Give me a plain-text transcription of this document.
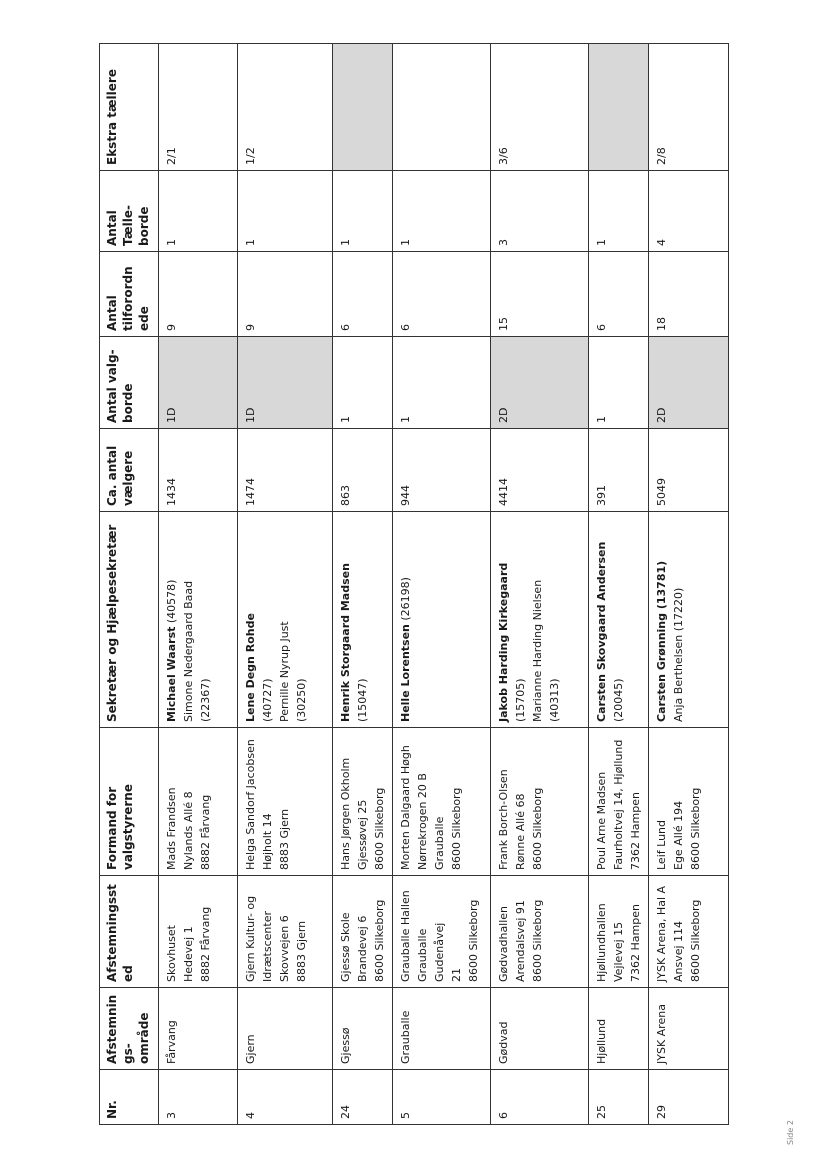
Nr.	Afstemnings-område	Afstemningssted	Formand for valgstyrerne	Sekretær og Hjælpesekretær	Ca. antal vælgere	Antal valg-borde	Antal tilforordn ede	Antal Tælle-borde	Ekstra tællere
3	Fårvang	Skovhuset Hedevej 1 8882 Fårvang	Mads Frandsen Nylands Allé 8 8882 Fårvang	Michael Waarst (40578) Simone Nedergaard Baad (22367)	1434	1D	9	1	2/1
4	Gjern	Gjern Kultur- og Idrætscenter Skovvejen 6 8883 Gjern	Helga Sandorf Jacobsen Højholt 14 8883 Gjern	Lene Degn Rohde (40727) Pernille Nyrup Just (30250)	1474	1D	9	1	1/2
24	Gjessø	Gjessø Skole Brandevej 6 8600 Silkeborg	Hans Jørgen Okholm Gjessøvej 25 8600 Silkeborg	Henrik Storgaard Madsen (15047)	863	1	6	1	
5	Grauballe	Grauballe Hallen Grauballe Gudenåvej 21 8600 Silkeborg	Morten Dalgaard Høgh Nørrekrogen 20 B Grauballe 8600 Silkeborg	Helle Lorentsen (26198)	944	1	6	1	
6	Gødvad	Gødvadhallen Arendalsvej 91 8600 Silkeborg	Frank Borch-Olsen Rønne Allé 68 8600 Silkeborg	Jakob Harding Kirkegaard (15705) Marianne Harding Nielsen (40313)	4414	2D	15	3	3/6
25	Hjøllund	Hjøllundhallen Vejlevej 15 7362 Hampen	Poul Arne Madsen Faurholtvej 14, Hjøllund 7362 Hampen	Carsten Skovgaard Andersen (20045)	391	1	6	1	
29	JYSK Arena	JYSK Arena, Hal A Ansvej 114 8600 Silkeborg	Leif Lund Ege Allé 194 8600 Silkeborg	Carsten Grønning (13781) Anja Berthelsen (17220)	5049	2D	18	4	2/8
Side 2
